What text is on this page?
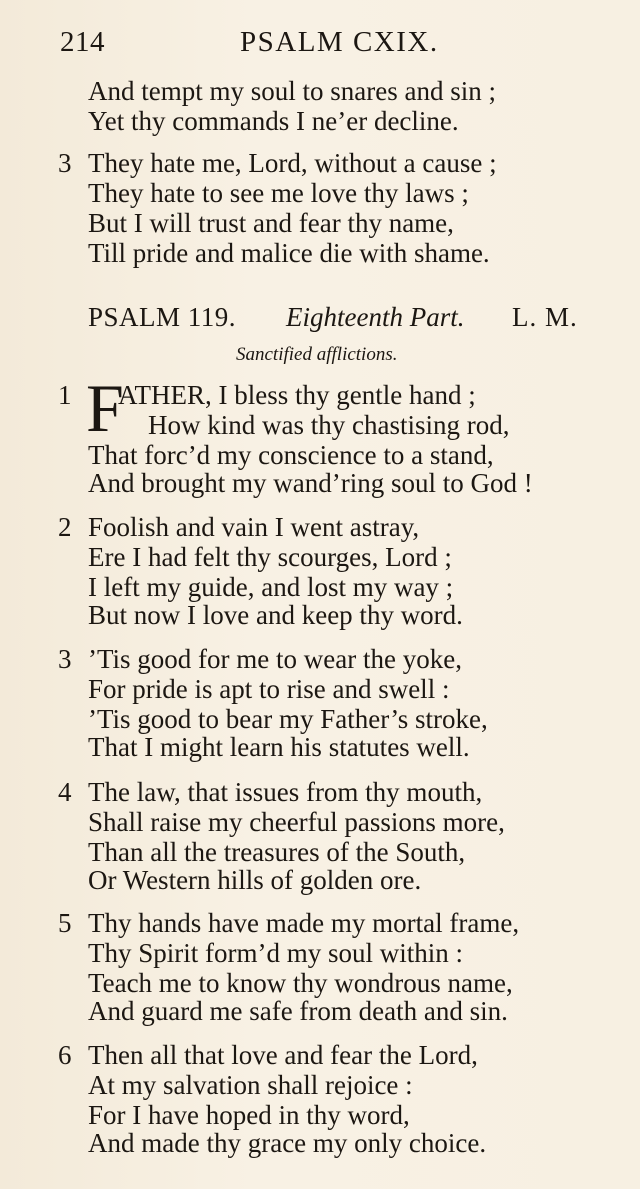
214	PSALM CXIX.
And tempt my soul to snares and sin ;
Yet thy commands I ne’er decline.
3 They hate me, Lord, without a cause ;
They hate to see me love thy laws ;
But I will trust and fear thy name,
Till pride and malice die with shame.
PSALM 119. Eighteenth Part. L. M.
Sanctified afflictions.
1 F
ATHER, I bless thy gentle hand ;
How kind was thy chastising rod,
That forc’d my conscience to a stand,
And brought my wand’ring soul to God !
2 Foolish and vain I went astray,
Ere I had felt thy scourges, Lord ;
I left my guide, and lost my way ;
But now I love and keep thy word.
3 ’Tis good for me to wear the yoke,
For pride is apt to rise and swell :
’Tis good to bear my Father’s stroke,
That I might learn his statutes well.
4 The law, that issues from thy mouth,
Shall raise my cheerful passions more,
Than all the treasures of the South,
Or Western hills of golden ore.
5 Thy hands have made my mortal frame,
Thy Spirit form’d my soul within :
Teach me to know thy wondrous name,
And guard me safe from death and sin.
6 Then all that love and fear the Lord,
At my salvation shall rejoice :
For I have hoped in thy word,
And made thy grace my only choice.
